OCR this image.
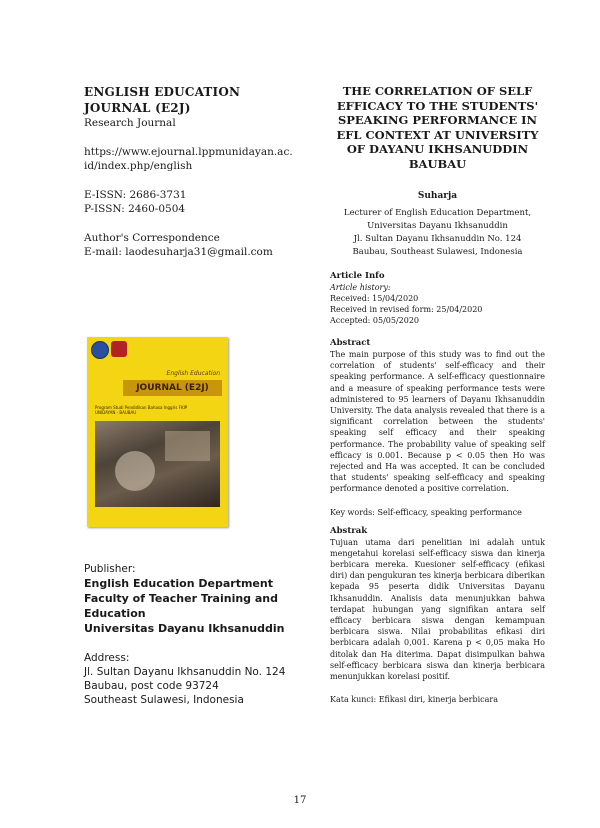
ENGLISH EDUCATION JOURNAL (E2J)
Research Journal
https://www.ejournal.lppmunidayan.ac.id/index.php/english
E-ISSN: 2686-3731
P-ISSN: 2460-0504
Author's Correspondence
E-mail: laodesuharja31@gmail.com
English Education
JOURNAL (E2J)
Program Studi Pendidikan Bahasa Inggris FKIP UNIDAYAN - BAUBAU
Publisher:
English Education Department
Faculty of Teacher Training and Education
Universitas Dayanu Ikhsanuddin
Address:
Jl. Sultan Dayanu Ikhsanuddin No. 124
Baubau, post code 93724
Southeast Sulawesi, Indonesia
THE CORRELATION OF SELF EFFICACY TO THE STUDENTS' SPEAKING PERFORMANCE IN EFL CONTEXT AT UNIVERSITY OF DAYANU IKHSANUDDIN BAUBAU
Suharja
Lecturer of English Education Department,
Universitas Dayanu Ikhsanuddin
Jl. Sultan Dayanu Ikhsanuddin No. 124
Baubau, Southeast Sulawesi, Indonesia
Article Info
Article history:
Received: 15/04/2020
Received in revised form: 25/04/2020
Accepted: 05/05/2020
Abstract
The main purpose of this study was to find out the correlation of students' self-efficacy and their speaking performance. A self-efficacy questionnaire and a measure of speaking performance tests were administered to 95 learners of Dayanu Ikhsanuddin University. The data analysis revealed that there is a significant correlation between the students' speaking self efficacy and their speaking performance. The probability value of speaking self efficacy is 0.001. Because p < 0.05 then Ho was rejected and Ha was accepted. It can be concluded that students' speaking self-efficacy and speaking performance denoted a positive correlation.
Key words: Self-efficacy, speaking performance
Abstrak
Tujuan utama dari penelitian ini adalah untuk mengetahui korelasi self-efficacy siswa dan kinerja berbicara mereka. Kuesioner self-efficacy (efikasi diri) dan pengukuran tes kinerja berbicara diberikan kepada 95 peserta didik Universitas Dayanu Ikhsanuddin. Analisis data menunjukkan bahwa terdapat hubungan yang signifikan antara self efficacy berbicara siswa dengan kemampuan berbicara siswa. Nilai probabilitas efikasi diri berbicara adalah 0,001. Karena p < 0,05 maka Ho ditolak dan Ha diterima. Dapat disimpulkan bahwa self-efficacy berbicara siswa dan kinerja berbicara menunjukkan korelasi positif.
Kata kunci: Efikasi diri, kinerja berbicara
17
